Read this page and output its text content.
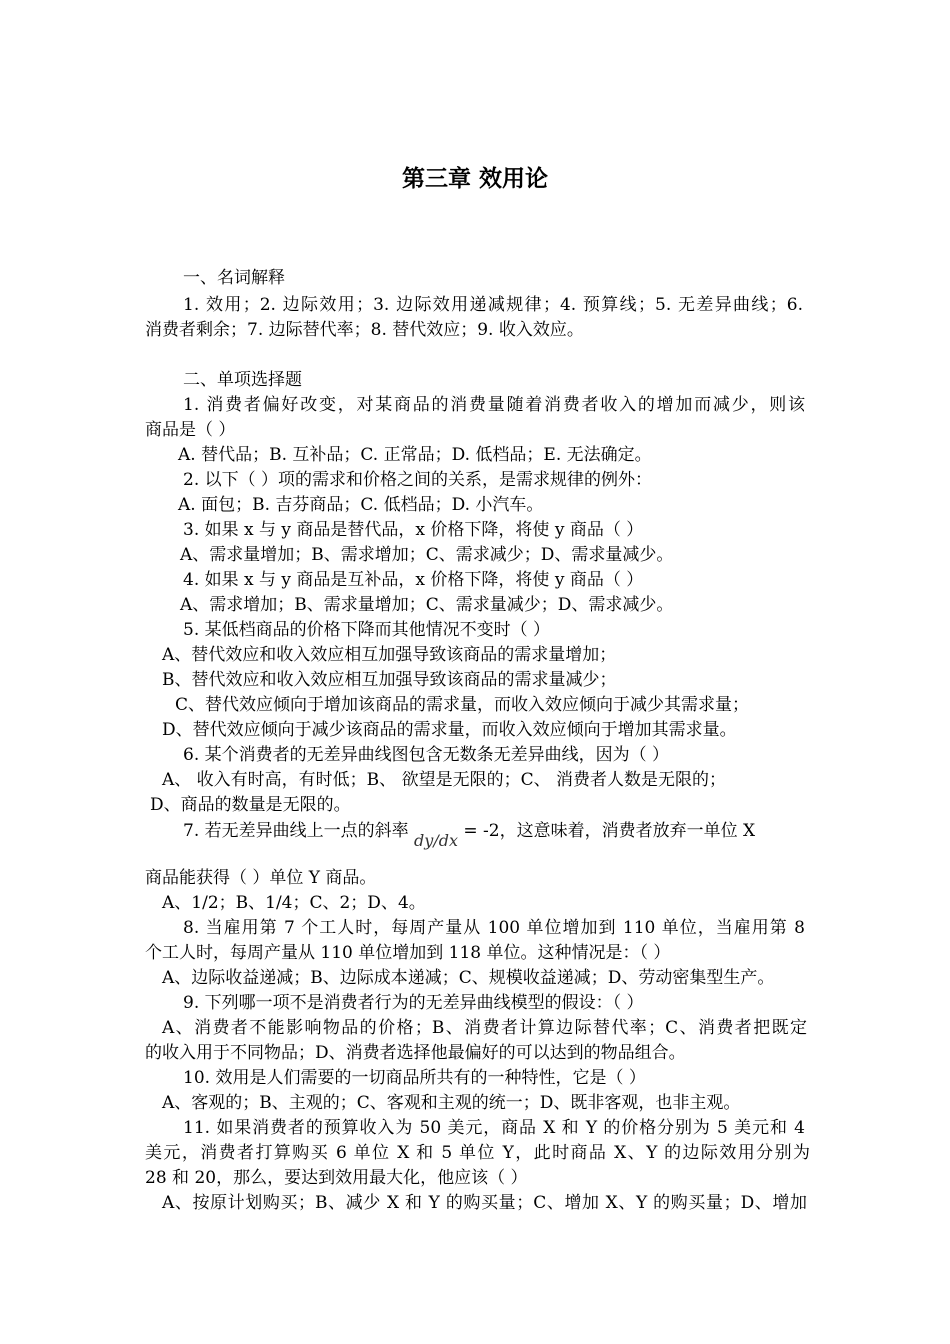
第三章 效用论
一、名词解释
1. 效用；2. 边际效用；3. 边际效用递减规律；4. 预算线；5. 无差异曲线；6.
消费者剩余；7. 边际替代率；8. 替代效应；9. 收入效应。
二、单项选择题
1. 消费者偏好改变，对某商品的消费量随着消费者收入的增加而减少，则该
商品是（ ）
A. 替代品；B. 互补品；C. 正常品；D. 低档品；E. 无法确定。
2. 以下（ ）项的需求和价格之间的关系，是需求规律的例外：
A. 面包；B. 吉芬商品；C. 低档品；D. 小汽车。
3. 如果 x 与 y 商品是替代品，x 价格下降，将使 y 商品（ ）
A、需求量增加；B、需求增加；C、需求减少；D、需求量减少。
4. 如果 x 与 y 商品是互补品，x 价格下降，将使 y 商品（ ）
A、需求增加；B、需求量增加；C、需求量减少；D、需求减少。
5. 某低档商品的价格下降而其他情况不变时（ ）
A、替代效应和收入效应相互加强导致该商品的需求量增加；
B、替代效应和收入效应相互加强导致该商品的需求量减少；
C、替代效应倾向于增加该商品的需求量，而收入效应倾向于减少其需求量；
D、替代效应倾向于减少该商品的需求量，而收入效应倾向于增加其需求量。
6. 某个消费者的无差异曲线图包含无数条无差异曲线，因为（ ）
A、 收入有时高，有时低；B、 欲望是无限的；C、 消费者人数是无限的；
D、商品的数量是无限的。
7. 若无差异曲线上一点的斜率 dy/dx = -2，这意味着，消费者放弃一单位 X
商品能获得（ ）单位 Y 商品。
A、1/2；B、1/4；C、2；D、4。
8. 当雇用第 7 个工人时，每周产量从 100 单位增加到 110 单位，当雇用第 8
个工人时，每周产量从 110 单位增加到 118 单位。这种情况是：（ ）
A、边际收益递减；B、边际成本递减；C、规模收益递减；D、劳动密集型生产。
9. 下列哪一项不是消费者行为的无差异曲线模型的假设：（ ）
A、消费者不能影响物品的价格；B、消费者计算边际替代率；C、消费者把既定
的收入用于不同物品；D、消费者选择他最偏好的可以达到的物品组合。
10. 效用是人们需要的一切商品所共有的一种特性，它是（ ）
A、客观的；B、主观的；C、客观和主观的统一；D、既非客观，也非主观。
11. 如果消费者的预算收入为 50 美元，商品 X 和 Y 的价格分别为 5 美元和 4
美元，消费者打算购买 6 单位 X 和 5 单位 Y，此时商品 X、Y 的边际效用分别为
28 和 20，那么，要达到效用最大化，他应该（ ）
A、按原计划购买；B、减少 X 和 Y 的购买量；C、增加 X、Y 的购买量；D、增加
